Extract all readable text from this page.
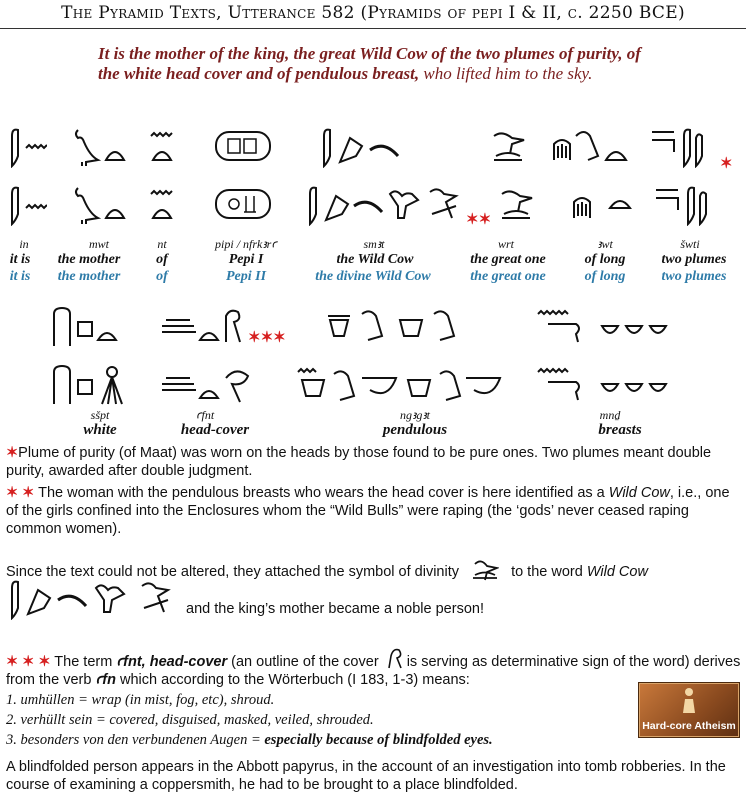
The Pyramid Texts, Utterance 582 (Pyramids of pepi I & II, c. 2250 BCE)
It is the mother of the king, the great Wild Cow of the two plumes of purity, of the white head cover and of pendulous breast, who lifted him to the sky.
✶
✶✶
in	mwt	nt	pipi / nfrkꜣrꜥ	smꜣt	wrt	ꜣwt	šwti
it is	the mother	of	Pepi I	the Wild Cow	the great one	of long	two plumes
it is	the mother	of	Pepi II	the divine Wild Cow	the great one	of long	two plumes
✶✶✶
sšpt	ꜥfnt	ngꜣgꜣt	mnḏ
white	head-cover	pendulous	breasts
✶Plume of purity (of Maat) was worn on the heads by those found to be pure ones. Two plumes meant double purity, awarded after double judgment.
✶ ✶ The woman with the pendulous breasts who wears the head cover is here identified as a Wild Cow, i.e., one of the girls confined into the Enclosures whom the “Wild Bulls” were raping (the ‘gods’ never ceased raping common women).
Since the text could not be altered, they attached the symbol of divinity	to the word Wild Cow
and the king’s mother became a noble person!
✶ ✶ ✶ The term ꜥfnt, head-cover (an outline of the cover is serving as determinative sign of the word) derives from the verb ꜥfn which according to the Wörterbuch (I 183, 1-3) means:
1. umhüllen = wrap (in mist, fog, etc), shroud.
2. verhüllt sein = covered, disguised, masked, veiled, shrouded.
3. besonders von den verbundenen Augen = especially because of blindfolded eyes.
Hard-core Atheism
A blindfolded person appears in the Abbott papyrus, in the account of an investigation into tomb robberies. In the course of examining a coppersmith, he had to be brought to a place blindfolded.
